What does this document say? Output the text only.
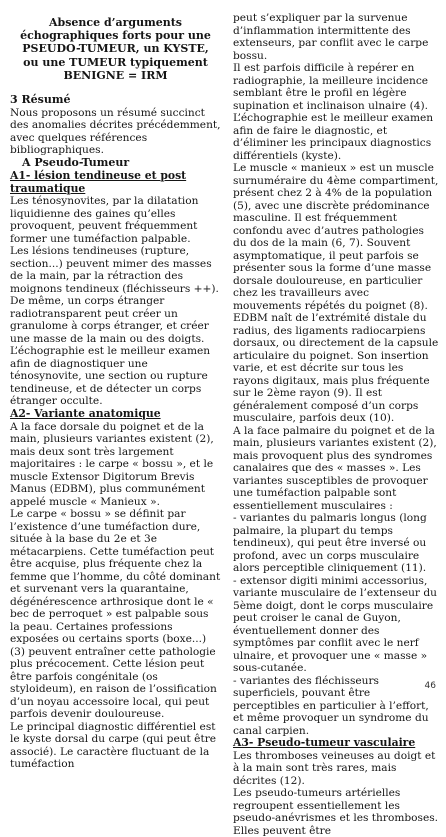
Absence d’arguments échographiques forts pour une PSEUDO-TUMEUR, un KYSTE, ou une TUMEUR typiquement BENIGNE = IRM
3 Résumé

Nous proposons un résumé succinct des anomalies décrites précédemment, avec quelques références bibliographiques.

A Pseudo-Tumeur
A1- lésion tendineuse et post traumatique

Les ténosynovites, par la dilatation liquidienne des gaines qu’elles provoquent, peuvent fréquemment former une tuméfaction palpable.

Les lésions tendineuses (rupture, section...) peuvent mimer des masses de la main, par la rétraction des moignons tendineux (fléchisseurs ++).

De même, un corps étranger radiotransparent peut créer un granulome à corps étranger, et créer une masse de la main ou des doigts.

L’échographie est le meilleur examen afin de diagnostiquer une ténosynovite, une section ou rupture tendineuse, et de détecter un corps étranger occulte.

A2- Variante anatomique

A la face dorsale du poignet et de la main, plusieurs variantes existent (2), mais deux sont très largement majoritaires : le carpe « bossu », et le muscle Extensor Digitorum Brevis Manus (EDBM), plus communément appelé muscle « Manieux ».

Le carpe « bossu » se définit par l’existence d’une tuméfaction dure, située à la base du 2e et 3e métacarpiens. Cette tuméfaction peut être acquise, plus fréquente chez la femme que l’homme, du côté dominant et survenant vers la quarantaine, dégénérescence arthrosique dont le « bec de perroquet » est palpable sous la peau. Certaines professions exposées ou certains sports (boxe...) (3) peuvent entraîner cette pathologie plus précocement. Cette lésion peut être parfois congénitale (os styloideum), en raison de l’ossification d’un noyau accessoire local, qui peut parfois devenir douloureuse.

Le principal diagnostic différentiel est le kyste dorsal du carpe (qui peut être associé). Le caractère fluctuant de la tuméfaction

peut s’expliquer par la survenue d’inflammation intermittente des extenseurs, par conflit avec le carpe bossu.

Il est parfois difficile à repérer en radiographie, la meilleure incidence semblant être le profil en légère supination et inclinaison ulnaire (4). L’échographie est le meilleur examen afin de faire le diagnostic, et d’éliminer les principaux diagnostics différentiels (kyste).

Le muscle « manieux » est un muscle surnuméraire du 4ème compartiment, présent chez 2 à 4% de la population (5), avec une discrète prédominance masculine. Il est fréquemment confondu avec d’autres pathologies du dos de la main (6, 7). Souvent asymptomatique, il peut parfois se présenter sous la forme d’une masse dorsale douloureuse, en particulier chez les travailleurs avec mouvements répétés du poignet (8). EDBM naît de l’extrémité distale du radius, des ligaments radiocarpiens dorsaux, ou directement de la capsule articulaire du poignet. Son insertion varie, et est décrite sur tous les rayons digitaux, mais plus fréquente sur le 2ème rayon (9). Il est généralement composé d’un corps musculaire, parfois deux (10).

A la face palmaire du poignet et de la main, plusieurs variantes existent (2), mais provoquent plus des syndromes canalaires que des « masses ». Les variantes susceptibles de provoquer une tuméfaction palpable sont essentiellement musculaires :

- variantes du palmaris longus (long palmaire, la plupart du temps tendineux), qui peut être inversé ou profond, avec un corps musculaire alors perceptible cliniquement (11).

- extensor digiti minimi accessorius, variante musculaire de l’extenseur du 5ème doigt, dont le corps musculaire peut croiser le canal de Guyon, éventuellement donner des symptômes par conflit avec le nerf ulnaire, et provoquer une « masse » sous-cutanée.

- variantes des fléchisseurs superficiels, pouvant être perceptibles en particulier à l’effort, et même provoquer un syndrome du canal carpien.

A3- Pseudo-tumeur vasculaire

Les thromboses veineuses au doigt et à la main sont très rares, mais décrites (12).

Les pseudo-tumeurs artérielles regroupent essentiellement les pseudo-anévrismes et les thromboses. Elles peuvent être

46
